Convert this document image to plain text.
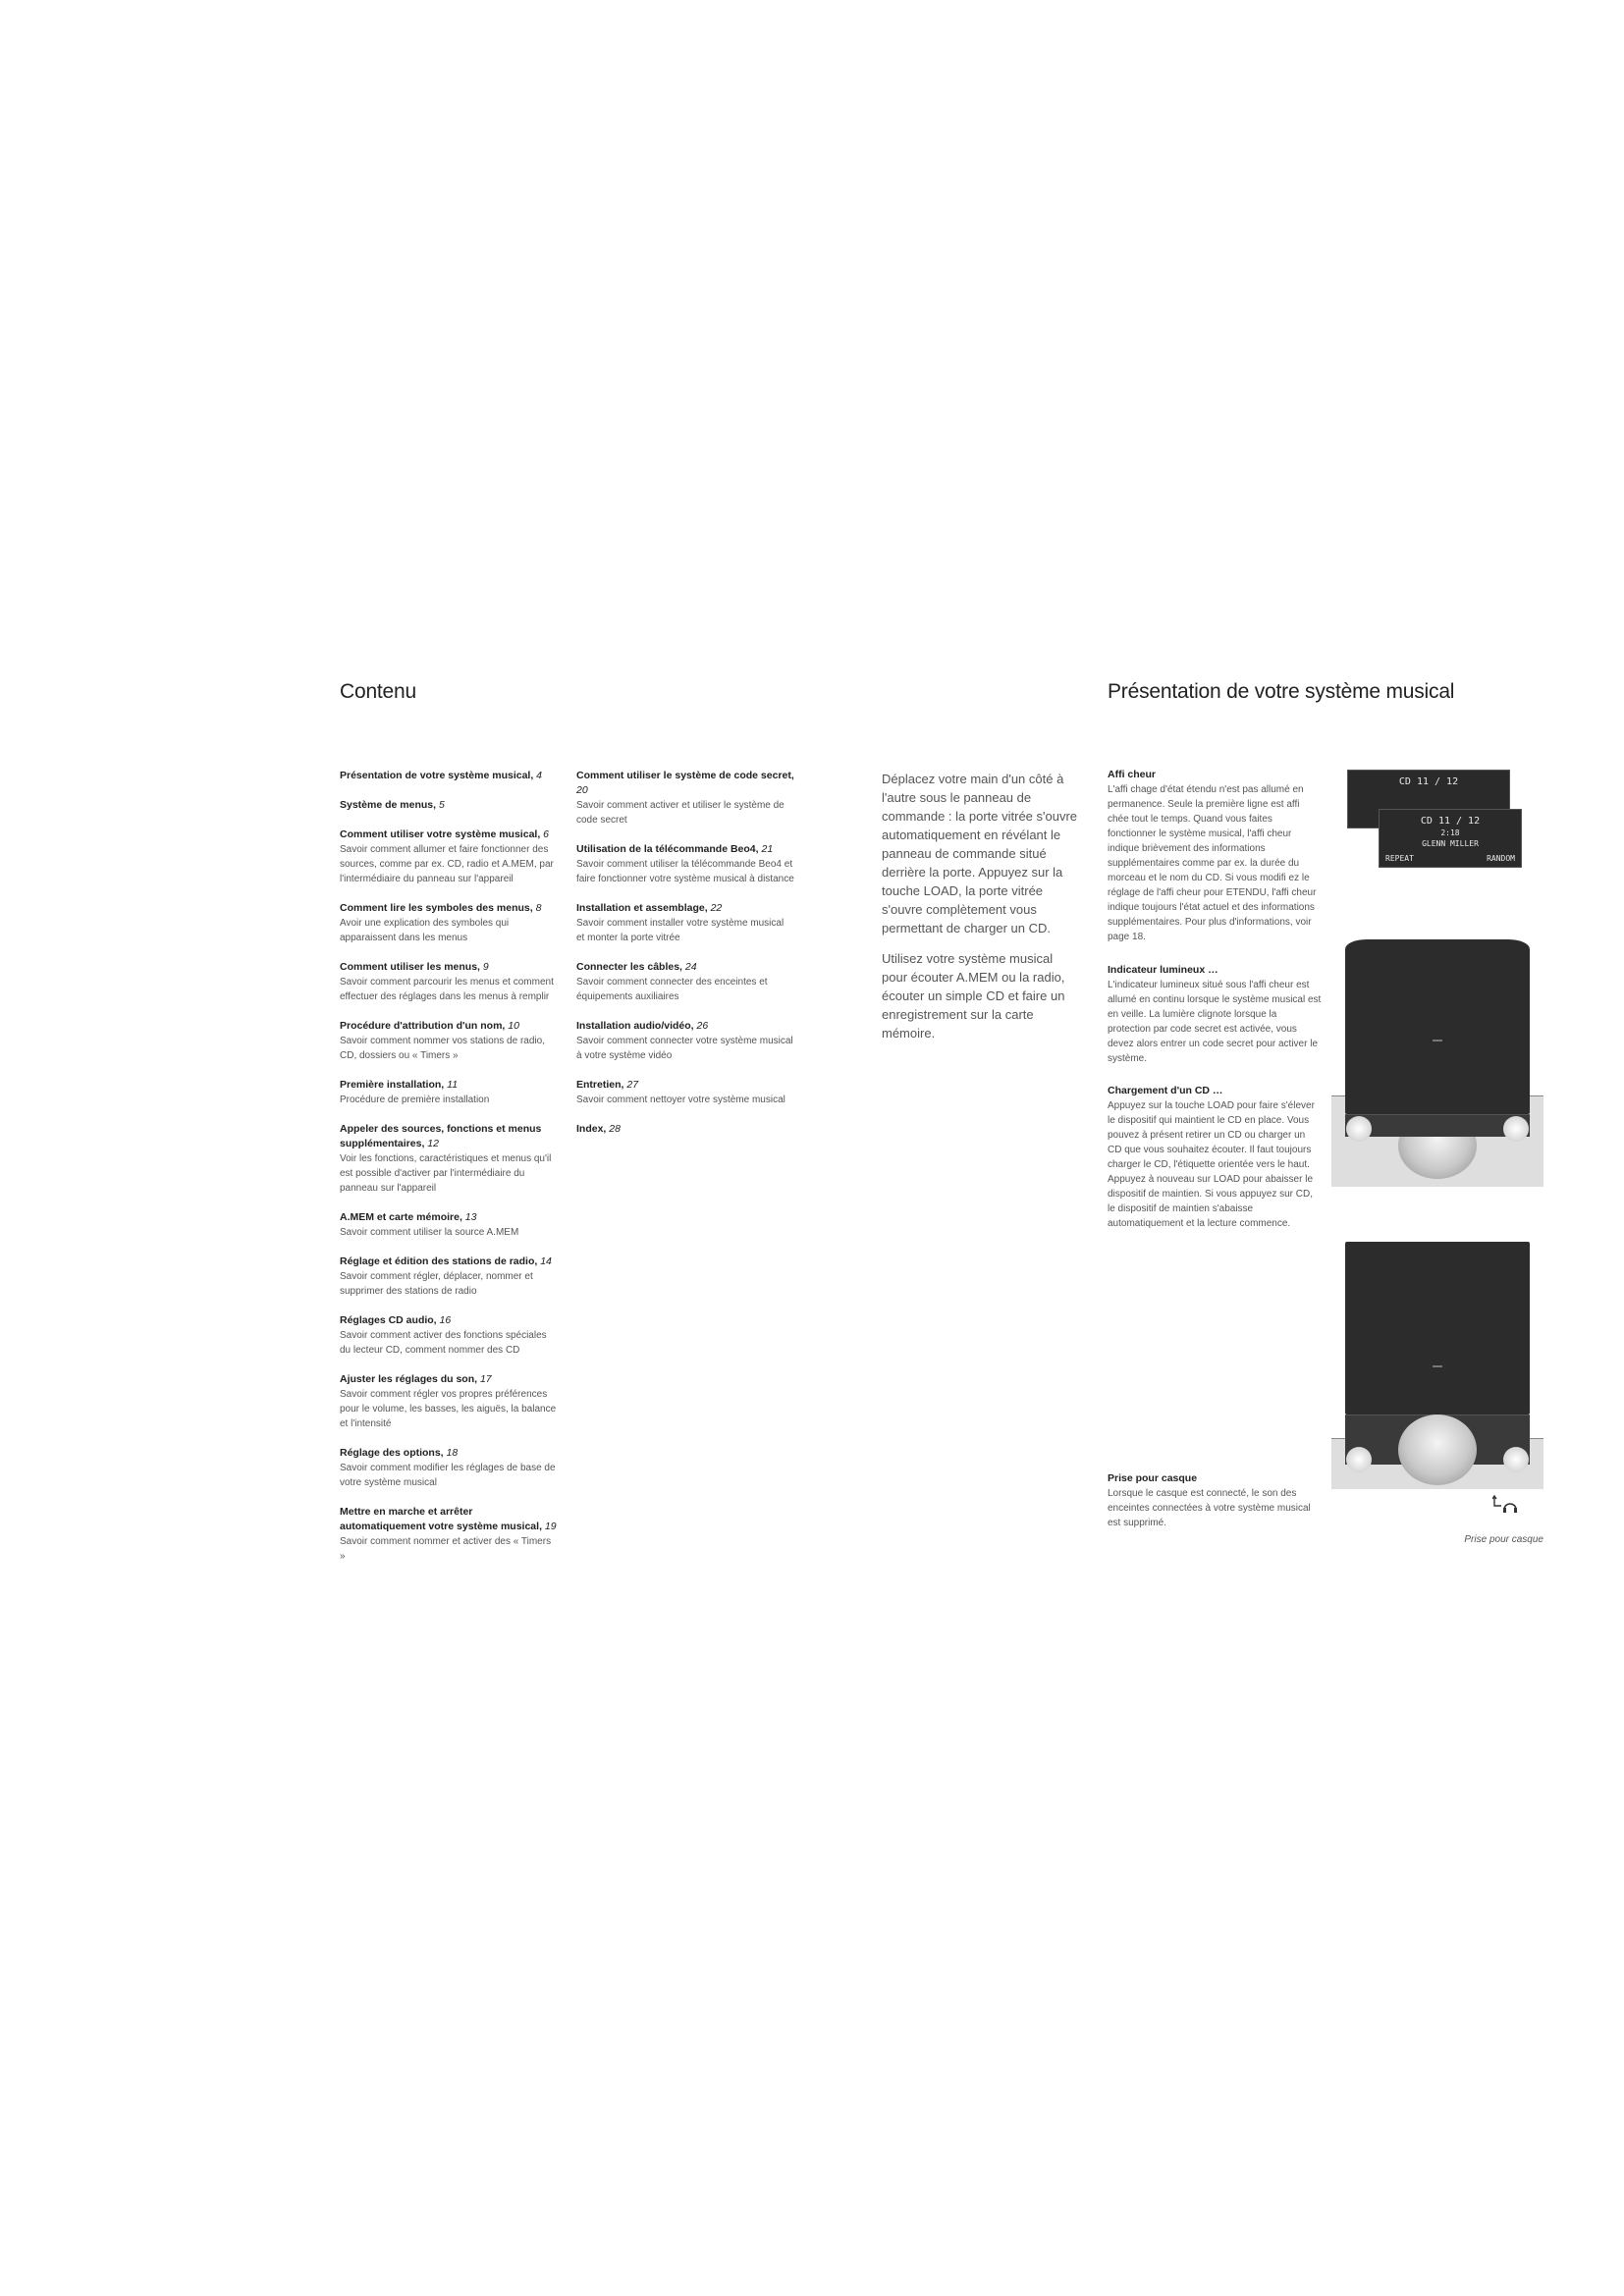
Contenu	Présentation de votre système musical
Présentation de votre système musical, 4
Système de menus, 5
Comment utiliser votre système musical, 6
Savoir comment allumer et faire fonctionner des sources, comme par ex. CD, radio et A.MEM, par l'intermédiaire du panneau sur l'appareil
Comment lire les symboles des menus, 8
Avoir une explication des symboles qui apparaissent dans les menus
Comment utiliser les menus, 9
Savoir comment parcourir les menus et comment effectuer des réglages dans les menus à remplir
Procédure d'attribution d'un nom, 10
Savoir comment nommer vos stations de radio, CD, dossiers ou « Timers »
Première installation, 11
Procédure de première installation
Appeler des sources, fonctions et menus supplémentaires, 12
Voir les fonctions, caractéristiques et menus qu'il est possible d'activer par l'intermédiaire du panneau sur l'appareil
A.MEM et carte mémoire, 13
Savoir comment utiliser la source A.MEM
Réglage et édition des stations de radio, 14
Savoir comment régler, déplacer, nommer et supprimer des stations de radio
Réglages CD audio, 16
Savoir comment activer des fonctions spéciales du lecteur CD, comment nommer des CD
Ajuster les réglages du son, 17
Savoir comment régler vos propres préférences pour le volume, les basses, les aiguës, la balance et l'intensité
Réglage des options, 18
Savoir comment modifier les réglages de base de votre système musical
Mettre en marche et arrêter automatiquement votre système musical, 19
Savoir comment nommer et activer des « Timers »
Comment utiliser le système de code secret, 20
Savoir comment activer et utiliser le système de code secret
Utilisation de la télécommande Beo4, 21
Savoir comment utiliser la télécommande Beo4 et faire fonctionner votre système musical à distance
Installation et assemblage, 22
Savoir comment installer votre système musical et monter la porte vitrée
Connecter les câbles, 24
Savoir comment connecter des enceintes et équipements auxiliaires
Installation audio/vidéo, 26
Savoir comment connecter votre système musical à votre système vidéo
Entretien, 27
Savoir comment nettoyer votre système musical
Index, 28

Déplacez votre main d'un côté à l'autre sous le panneau de commande : la porte vitrée s'ouvre automatiquement en révélant le panneau de commande situé derrière la porte. Appuyez sur la touche LOAD, la porte vitrée s'ouvre complètement vous permettant de charger un CD.

Utilisez votre système musical pour écouter A.MEM ou la radio, écouter un simple CD et faire un enregistrement sur la carte mémoire.

Affi cheur

L'affi chage d'état étendu n'est pas allumé en permanence. Seule la première ligne est affi chée tout le temps. Quand vous faites fonctionner le système musical, l'affi cheur indique brièvement des informations supplémentaires comme par ex. la durée du morceau et le nom du CD. Si vous modifi ez le réglage de l'affi cheur pour ETENDU, l'affi cheur indique toujours l'état actuel et des informations supplémentaires. Pour plus d'informations, voir page 18.

Indicateur lumineux …

L'indicateur lumineux situé sous l'affi cheur est allumé en continu lorsque le système musical est en veille. La lumière clignote lorsque la protection par code secret est activée, vous devez alors entrer un code secret pour activer le système.

Chargement d'un CD …

Appuyez sur la touche LOAD pour faire s'élever le dispositif qui maintient le CD en place. Vous pouvez à présent retirer un CD ou charger un CD que vous souhaitez écouter. Il faut toujours charger le CD, l'étiquette orientée vers le haut. Appuyez à nouveau sur LOAD pour abaisser le dispositif de maintien. Si vous appuyez sur CD, le dispositif de maintien s'abaisse automatiquement et la lecture commence.

Prise pour casque

Lorsque le casque est connecté, le son des enceintes connectées à votre système musical est supprimé.

CD 11 / 12
CD 11 / 12
2:18
GLENN MILLER
REPEAT	RANDOM
Prise pour casque
